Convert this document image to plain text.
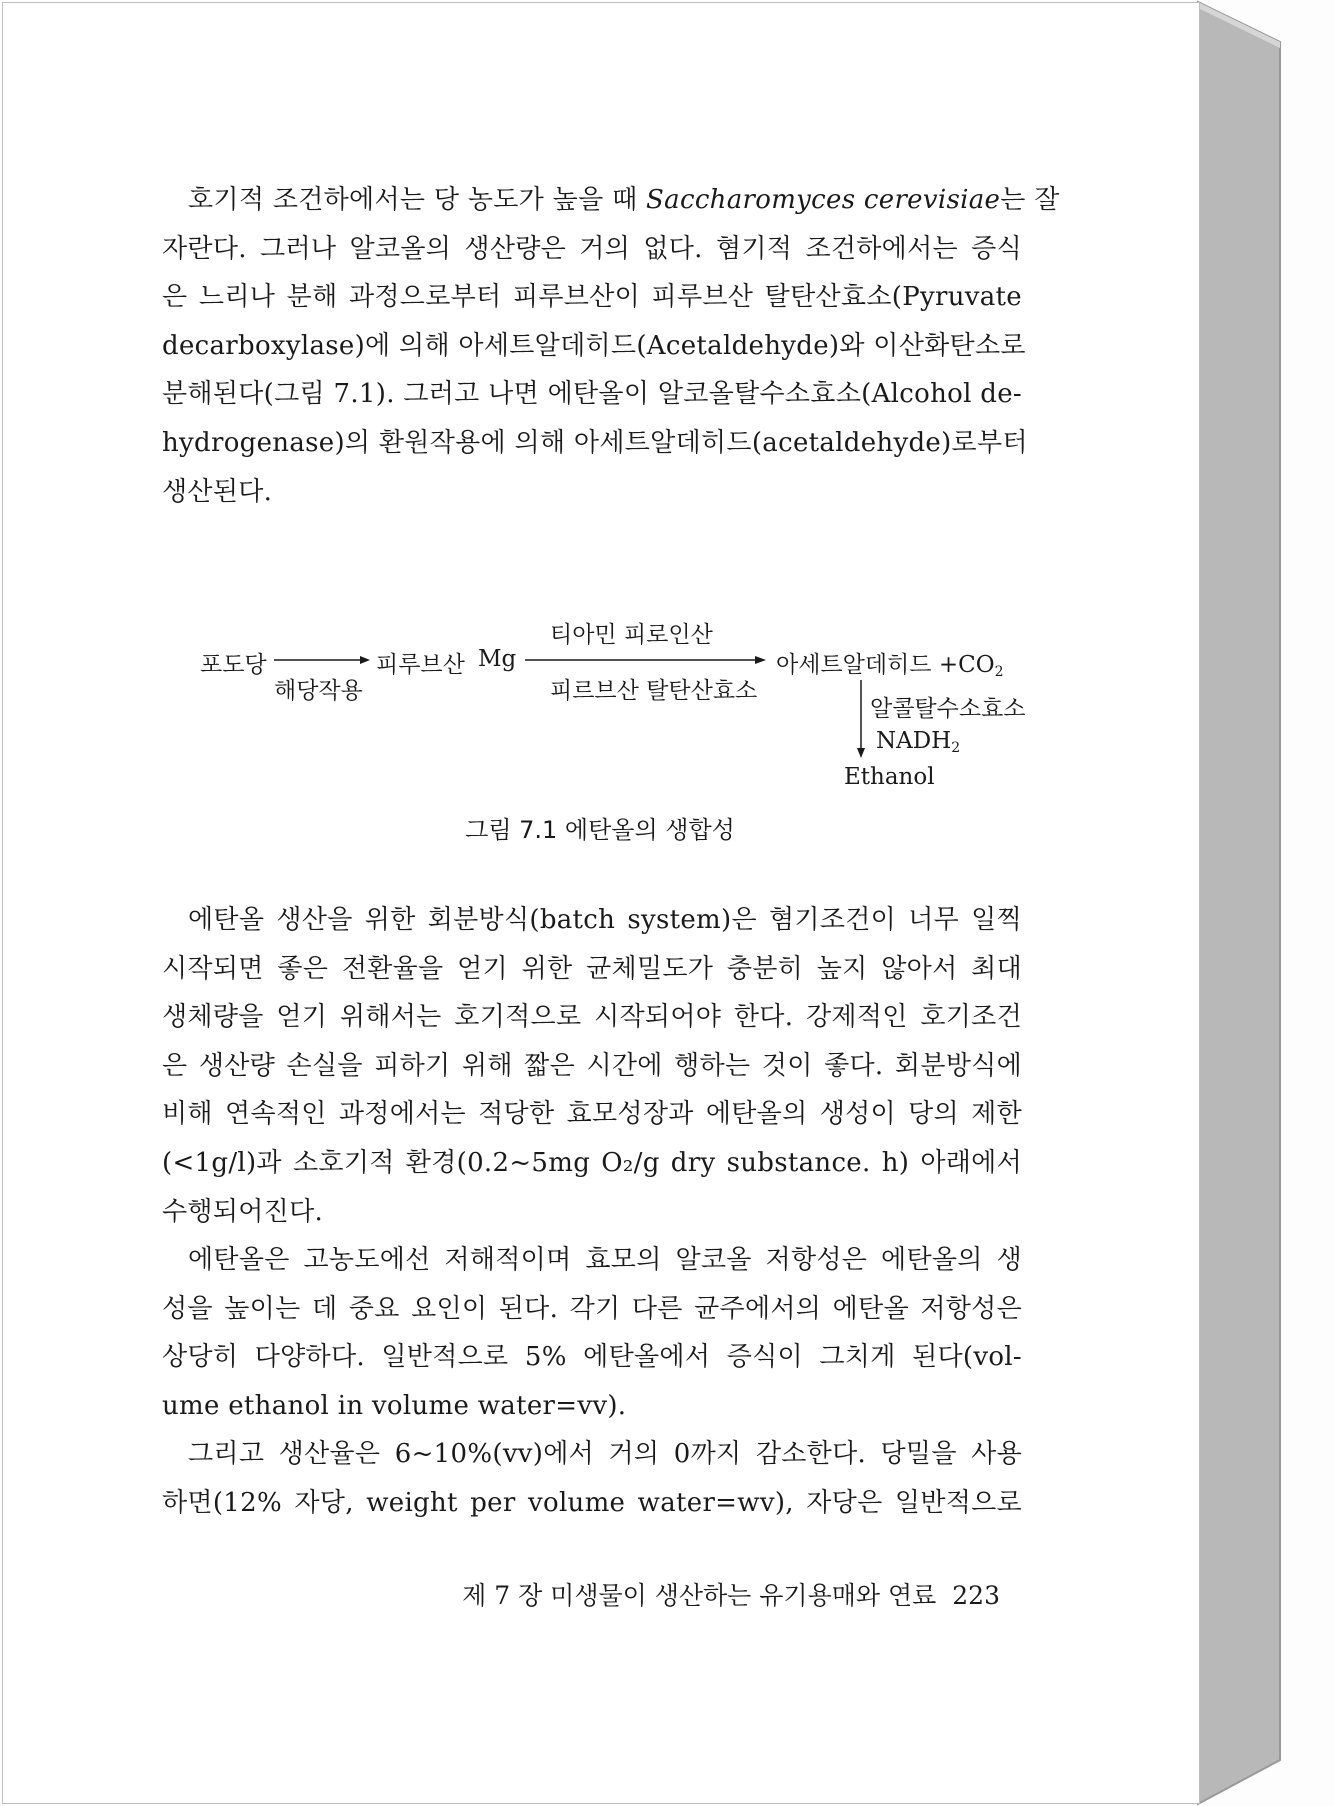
호기적 조건하에서는 당 농도가 높을 때 Saccharomyces cerevisiae는 잘
자란다. 그러나 알코올의 생산량은 거의 없다. 혐기적 조건하에서는 증식
은 느리나 분해 과정으로부터 피루브산이 피루브산 탈탄산효소(Pyruvate
decarboxylase)에 의해 아세트알데히드(Acetaldehyde)와 이산화탄소로
분해된다(그림 7.1). 그러고 나면 에탄올이 알코올탈수소효소(Alcohol de-
hydrogenase)의 환원작용에 의해 아세트알데히드(acetaldehyde)로부터
생산된다.
포도당
해당작용
피루브산 Mg
티아민 피로인산
피르브산 탈탄산효소
아세트알데히드 $+CO_2$
알콜탈수소효소
$NADH_2$
Ethanol
그림 7.1 에탄올의 생합성
에탄올 생산을 위한 회분방식(batch system)은 혐기조건이 너무 일찍
시작되면 좋은 전환율을 얻기 위한 균체밀도가 충분히 높지 않아서 최대
생체량을 얻기 위해서는 호기적으로 시작되어야 한다. 강제적인 호기조건
은 생산량 손실을 피하기 위해 짧은 시간에 행하는 것이 좋다. 회분방식에
비해 연속적인 과정에서는 적당한 효모성장과 에탄올의 생성이 당의 제한
(<1g/l)과 소호기적 환경(0.2~5mg O₂/g dry substance. h) 아래에서
수행되어진다.
에탄올은 고농도에선 저해적이며 효모의 알코올 저항성은 에탄올의 생
성을 높이는 데 중요 요인이 된다. 각기 다른 균주에서의 에탄올 저항성은
상당히 다양하다. 일반적으로 5% 에탄올에서 증식이 그치게 된다(vol-
ume ethanol in volume water=vv).
그리고 생산율은 6~10%(vv)에서 거의 0까지 감소한다. 당밀을 사용
하면(12% 자당, weight per volume water=wv), 자당은 일반적으로
제 7 장 미생물이 생산하는 유기용매와 연료 223
